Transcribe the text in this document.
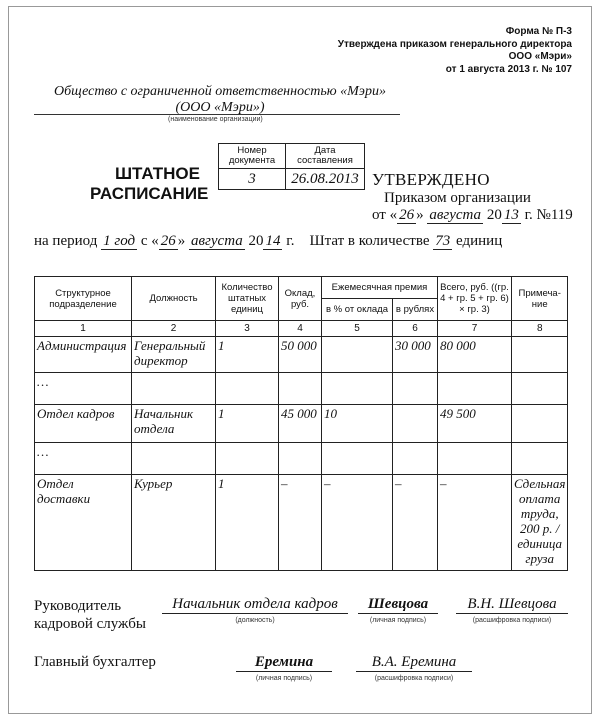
Форма № П-3
Утверждена приказом генерального директора
ООО «Мэри»
от 1 августа 2013 г. № 107
Общество с ограниченной ответственностью «Мэри»
(ООО «Мэри»)
(наименование организации)
ШТАТНОЕ
РАСПИСАНИЕ
Номер документа	Дата составления
3	26.08.2013 УТВЕРЖДЕНО
Приказом организации
от « 26 » августа 20 13 г. №119
на период 1 год с « 26 » августа 20 14 г. Штат в количестве 73 единиц
Структурное подразделение	Должность	Количество штатных единиц	Оклад, руб.	Ежемесячная премия		Всего, руб. ((гр. 4 + гр. 5 + гр. 6) × гр. 3)	Примеча-ние
				в % от оклада	в рублях		
1	2	3	4	5	6	7	8
Администрация	Генеральный директор	1	50 000		30 000	80 000	
…							
Отдел кадров	Начальник отдела	1	45 000	10		49 500	
…							
Отдел доставки	Курьер	1	–	–	–	–	Сдельная оплата труда, 200 р. / единица груза
Руководитель
кадровой службы
Начальник отдела кадров	Шевцова	В.Н. Шевцова
(должность)	(личная подпись)	(расшифровка подписи)
Главный бухгалтер	Еремина	В.А. Еремина
(личная подпись)	(расшифровка подписи)
